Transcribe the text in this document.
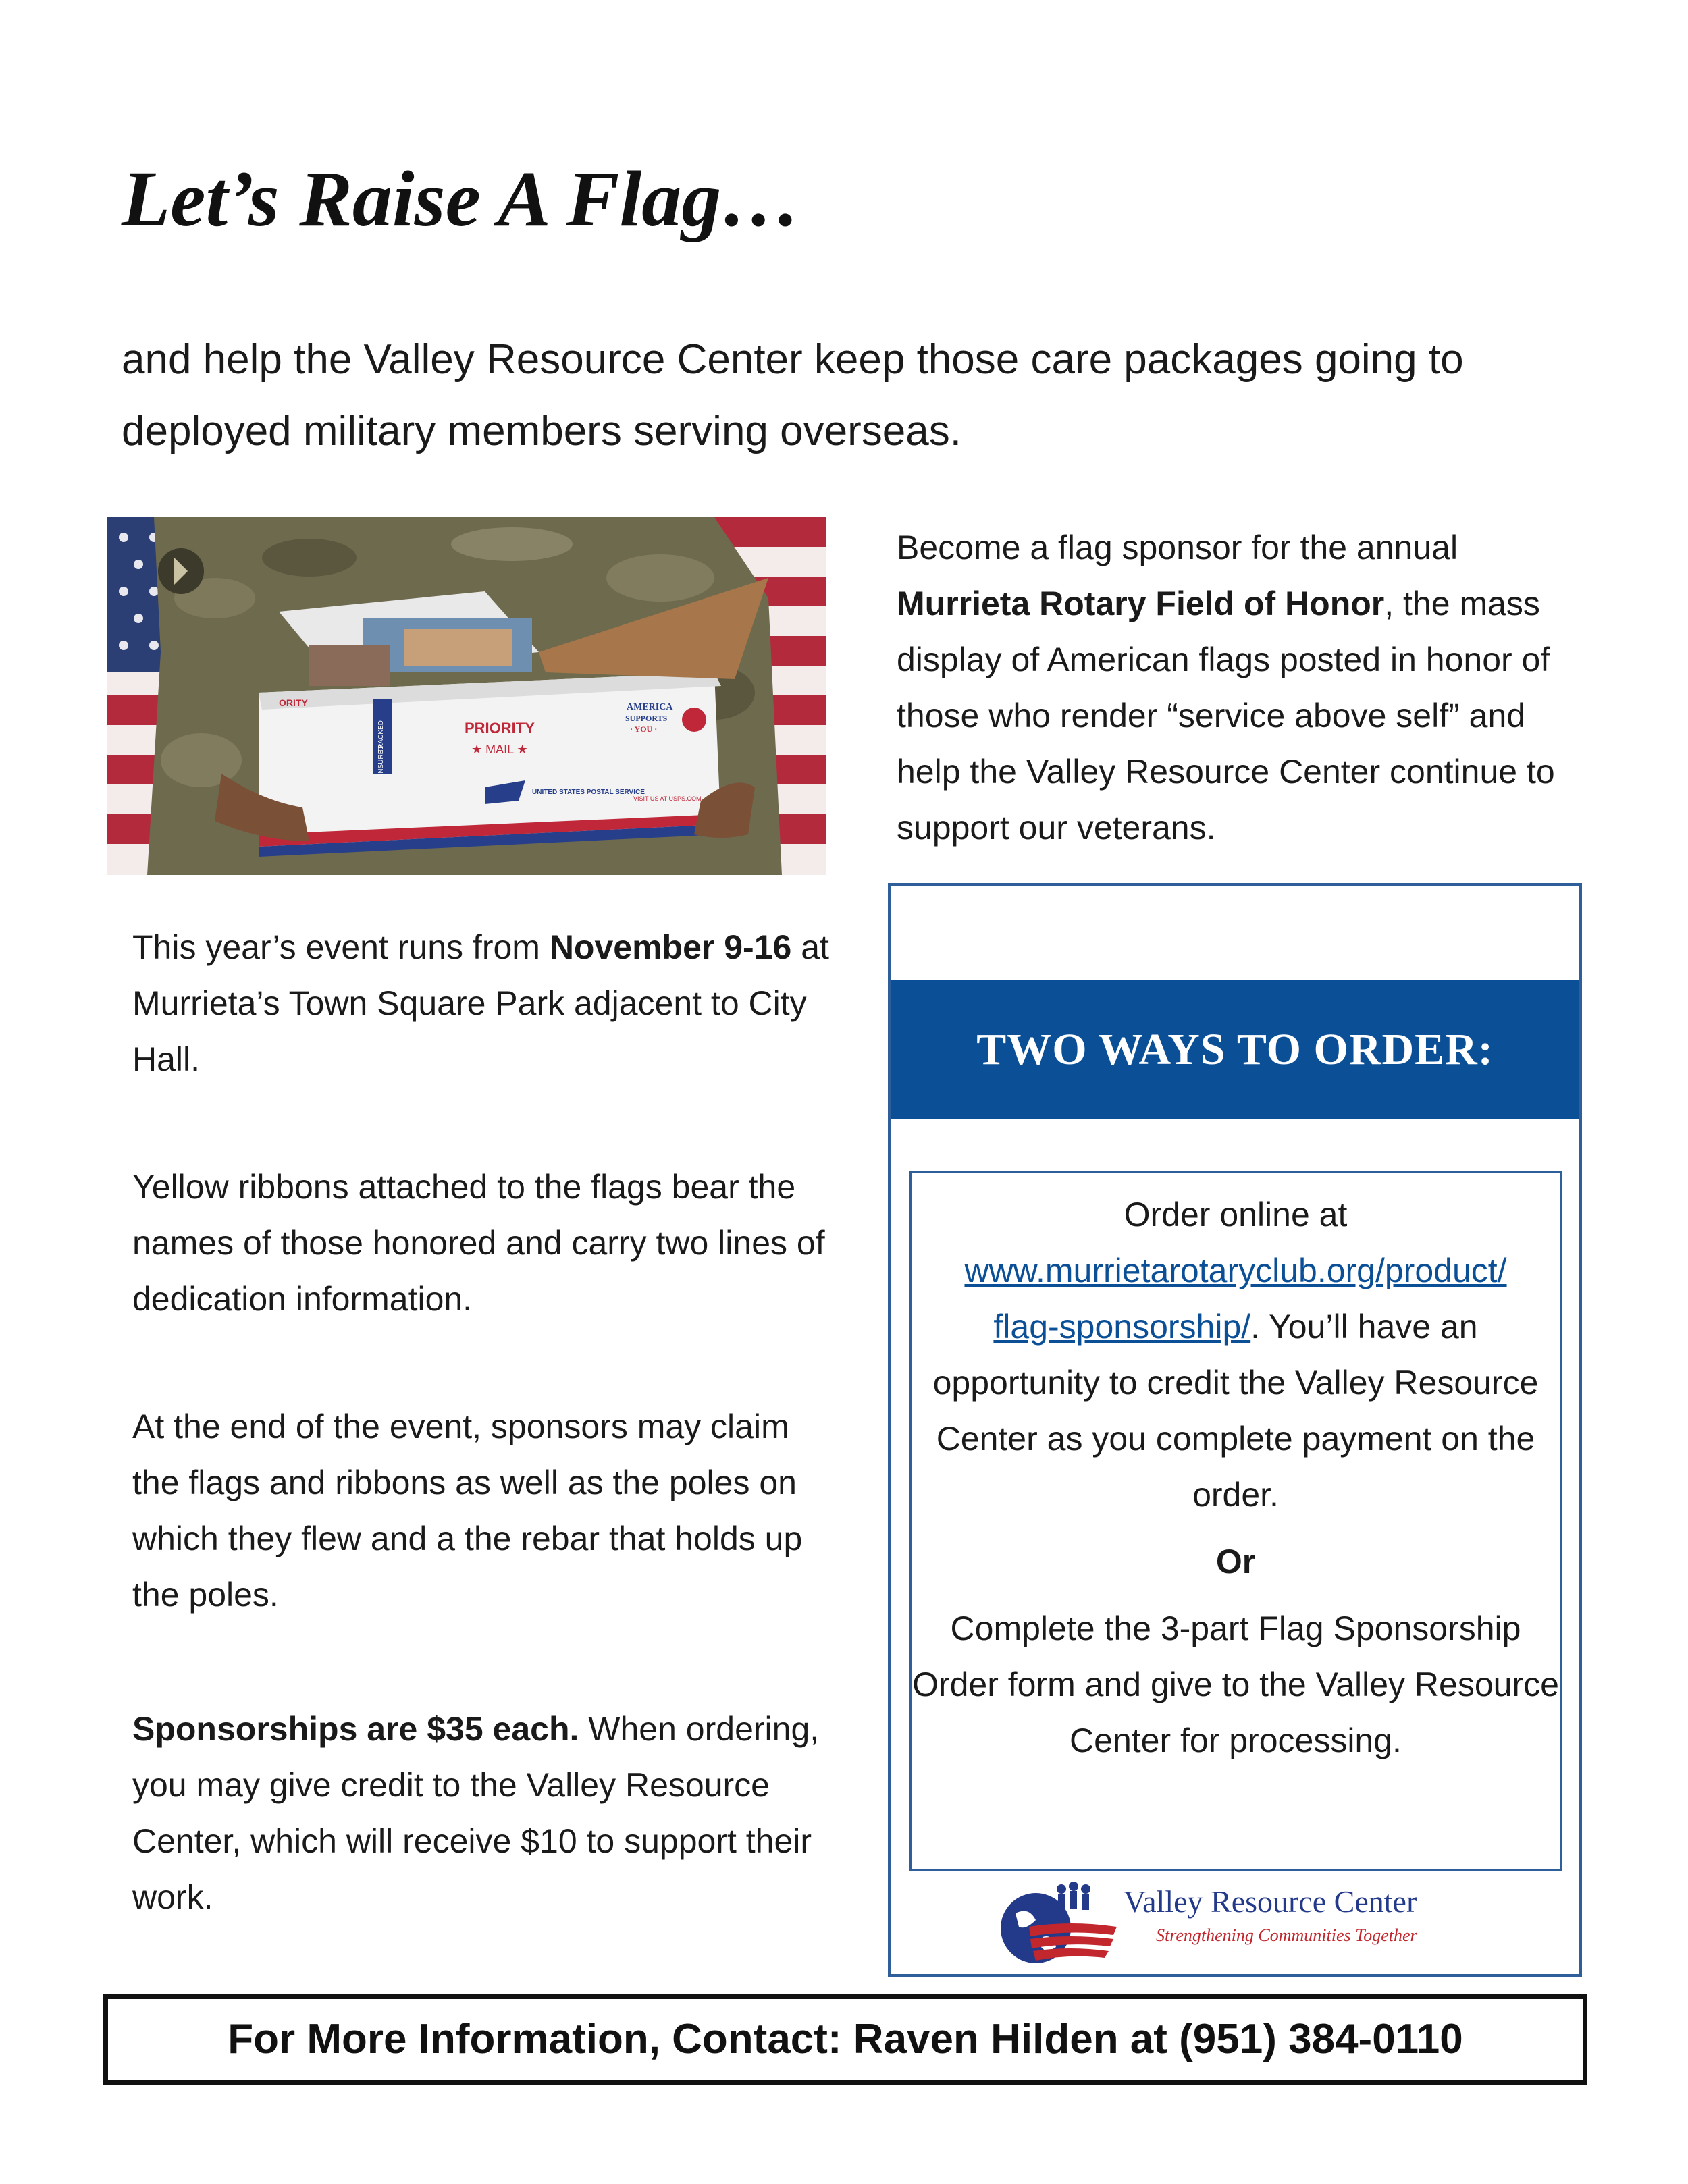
Let’s Raise A Flag…
and help the Valley Resource Center keep those care packages going to deployed military members serving overseas.
TRACKED
INSURED
PRIORITY
★ MAIL ★
ORITY	AMERICA
SUPPORTS
· YOU ·
UNITED STATES POSTAL SERVICE
VISIT US AT USPS.COM
Become a flag sponsor for the annual Murrieta Rotary Field of Honor, the mass display of American flags posted in honor of those who render “service above self” and help the Valley Resource Center continue to support our veterans.
This year’s event runs from November 9-16 at Murrieta’s Town Square Park adjacent to City Hall.
Yellow ribbons attached to the flags bear the names of those honored and carry two lines of dedication information.
At the end of the event, sponsors may claim the flags and ribbons as well as the poles on which they flew and a the rebar that holds up the poles.
Sponsorships are $35 each. When ordering, you may give credit to the Valley Resource Center, which will receive $10 to support their work.
TWO WAYS TO ORDER:
Order online at
www.murrietarotaryclub.org/product/
flag-sponsorship/. You’ll have an opportunity to credit the Valley Resource Center as you complete payment on the order.
Or
Complete the 3-part Flag Sponsorship Order form and give to the Valley Resource Center for processing.
Valley Resource Center
Strengthening Communities Together
For More Information, Contact: Raven Hilden at (951) 384-0110
